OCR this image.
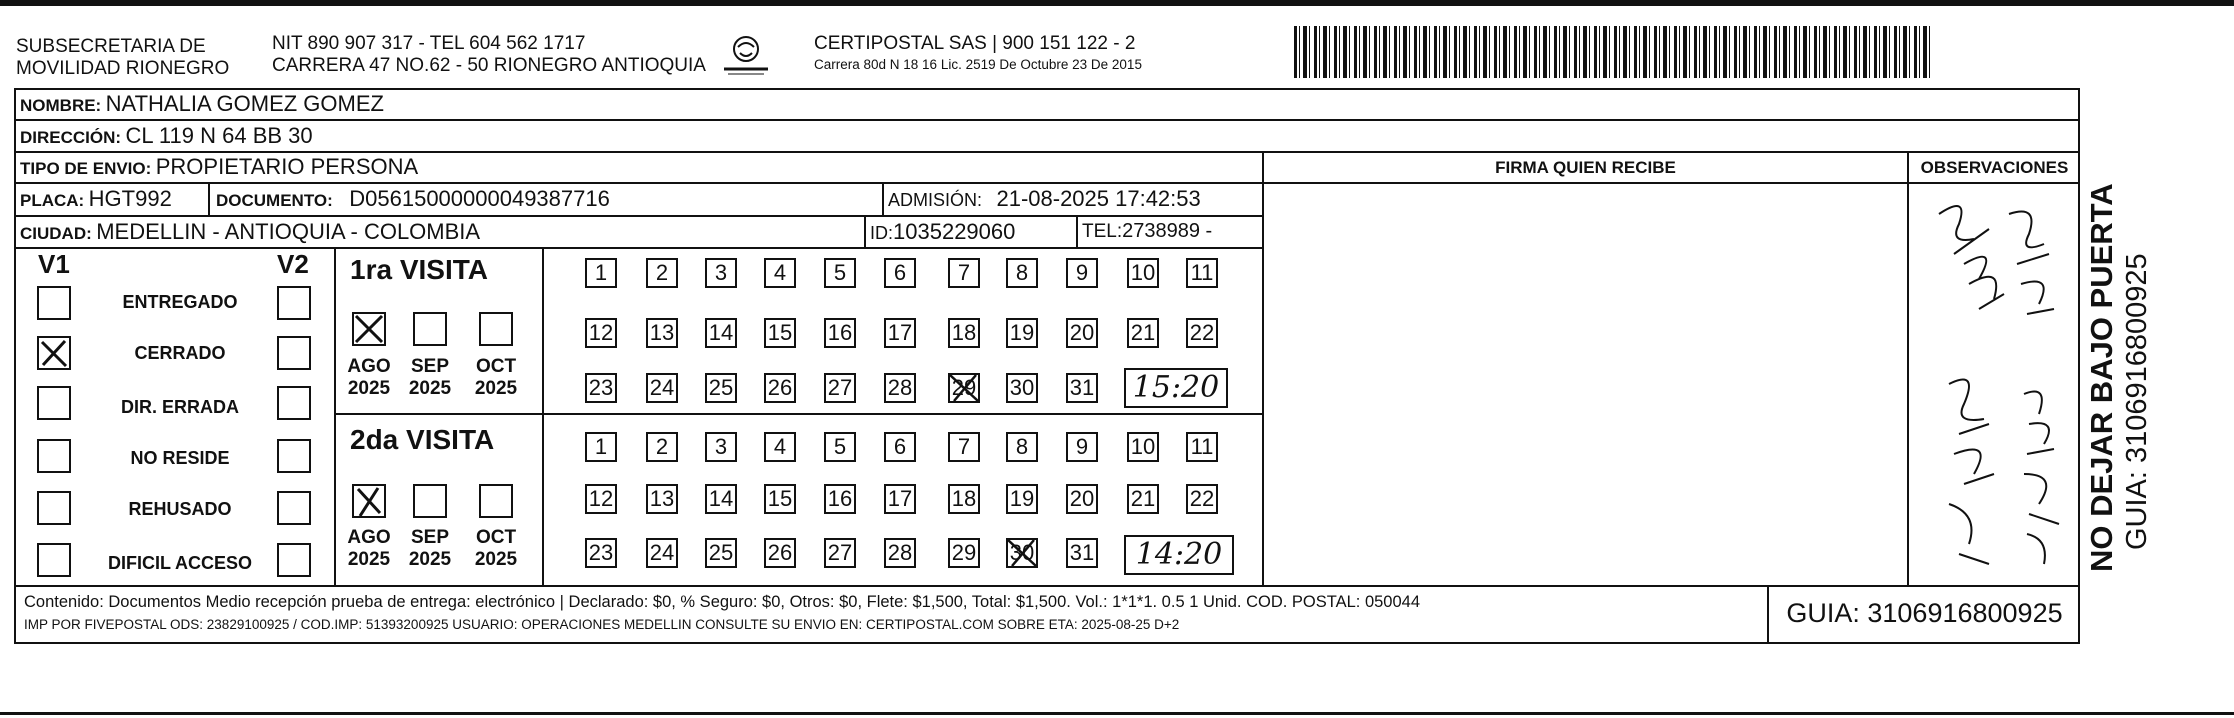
SUBSECRETARIA DE
MOVILIDAD RIONEGRO
NIT 890 907 317 - TEL 604 562 1717
CARRERA 47 NO.62 - 50 RIONEGRO ANTIOQUIA
CERTIPOSTAL SAS | 900 151 122 - 2
Carrera 80d N 18 16 Lic. 2519 De Octubre 23 De 2015
NOMBRE: NATHALIA GOMEZ GOMEZ
DIRECCIÓN: CL 119 N 64 BB 30
TIPO DE ENVIO: PROPIETARIO PERSONA	FIRMA QUIEN RECIBE	OBSERVACIONES
PLACA: HGT992	DOCUMENTO: D05615000000049387716	ADMISIÓN: 21-08-2025 17:42:53
CIUDAD: MEDELLIN - ANTIOQUIA - COLOMBIA	ID:1035229060	TEL:2738989 -
V1	V2
ENTREGADO
CERRADO
DIR. ERRADA
NO RESIDE
REHUSADO
DIFICIL ACCESO
1ra VISITA
AGO
2025
SEP
2025
OCT
2025
1	2	3	4	5	6	7	8	9	10 11
12 13 14 15 16 17 18 19 20 21 22
23 24 25 26 27 28 29 30 31 15:20
2da VISITA
AGO
2025
SEP
2025
OCT
2025
1	2	3	4	5	6	7	8	9	10 11
12 13 14 15 16 17 18 19 20 21 22
23 24 25 26 27 28 29 30 31	14:20
Contenido: Documentos Medio recepción prueba de entrega: electrónico | Declarado: $0, % Seguro: $0, Otros: $0, Flete: $1,500, Total: $1,500. Vol.: 1*1*1. 0.5 1 Unid. COD. POSTAL: 050044
IMP POR FIVEPOSTAL ODS: 23829100925 / COD.IMP: 51393200925 USUARIO: OPERACIONES MEDELLIN CONSULTE SU ENVIO EN: CERTIPOSTAL.COM SOBRE ETA: 2025-08-25 D+2	GUIA: 3106916800925
NO DEJAR BAJO PUERTA GUIA: 3106916800925
